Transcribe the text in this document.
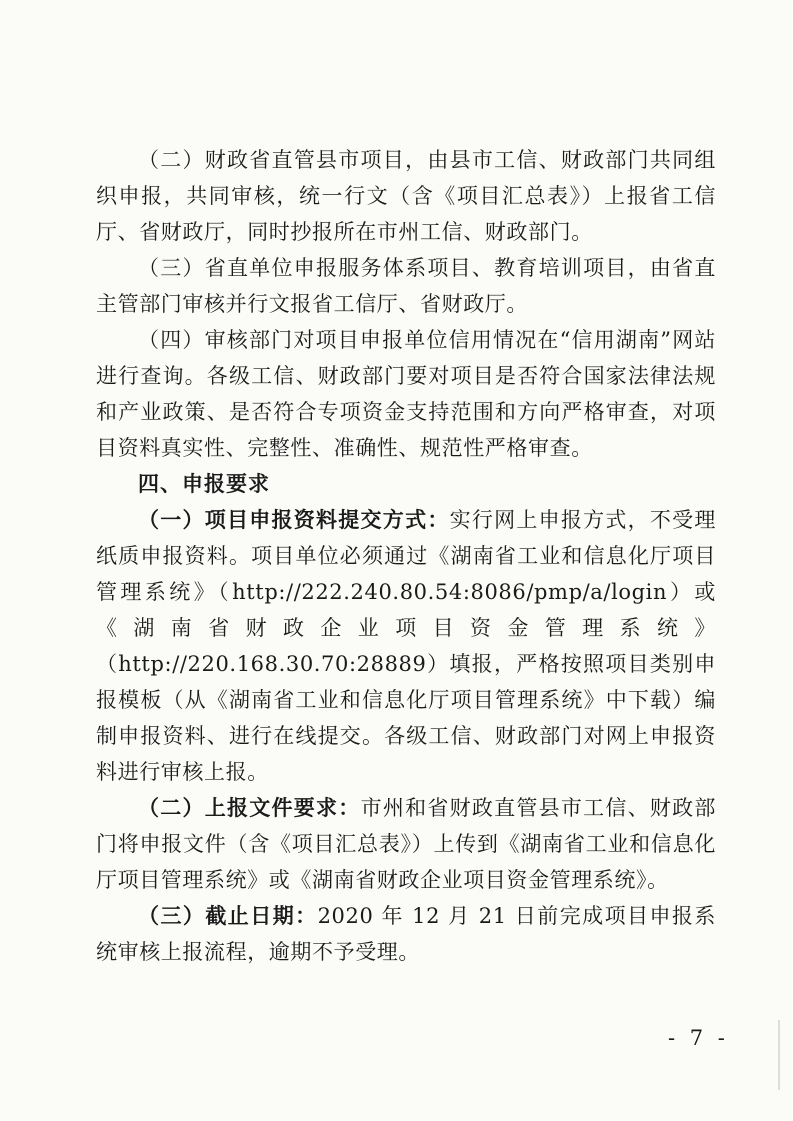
（二）财政省直管县市项目，由县市工信、财政部门共同组织申报，共同审核，统一行文（含《项目汇总表》）上报省工信厅、省财政厅，同时抄报所在市州工信、财政部门。

（三）省直单位申报服务体系项目、教育培训项目，由省直主管部门审核并行文报省工信厅、省财政厅。

（四）审核部门对项目申报单位信用情况在“信用湖南”网站进行查询。各级工信、财政部门要对项目是否符合国家法律法规和产业政策、是否符合专项资金支持范围和方向严格审查，对项目资料真实性、完整性、准确性、规范性严格审查。

四、申报要求

（一）项目申报资料提交方式：实行网上申报方式，不受理纸质申报资料。项目单位必须通过《湖南省工业和信息化厅项目管理系统》（http://222.240.80.54:8086/pmp/a/login）或《湖南省财政企业项目资金管理系统》（http://220.168.30.70:28889）填报，严格按照项目类别申报模板（从《湖南省工业和信息化厅项目管理系统》中下载）编制申报资料、进行在线提交。各级工信、财政部门对网上申报资料进行审核上报。

（二）上报文件要求：市州和省财政直管县市工信、财政部门将申报文件（含《项目汇总表》）上传到《湖南省工业和信息化厅项目管理系统》或《湖南省财政企业项目资金管理系统》。

（三）截止日期：2020 年 12 月 21 日前完成项目申报系统审核上报流程，逾期不予受理。

- 7 -
